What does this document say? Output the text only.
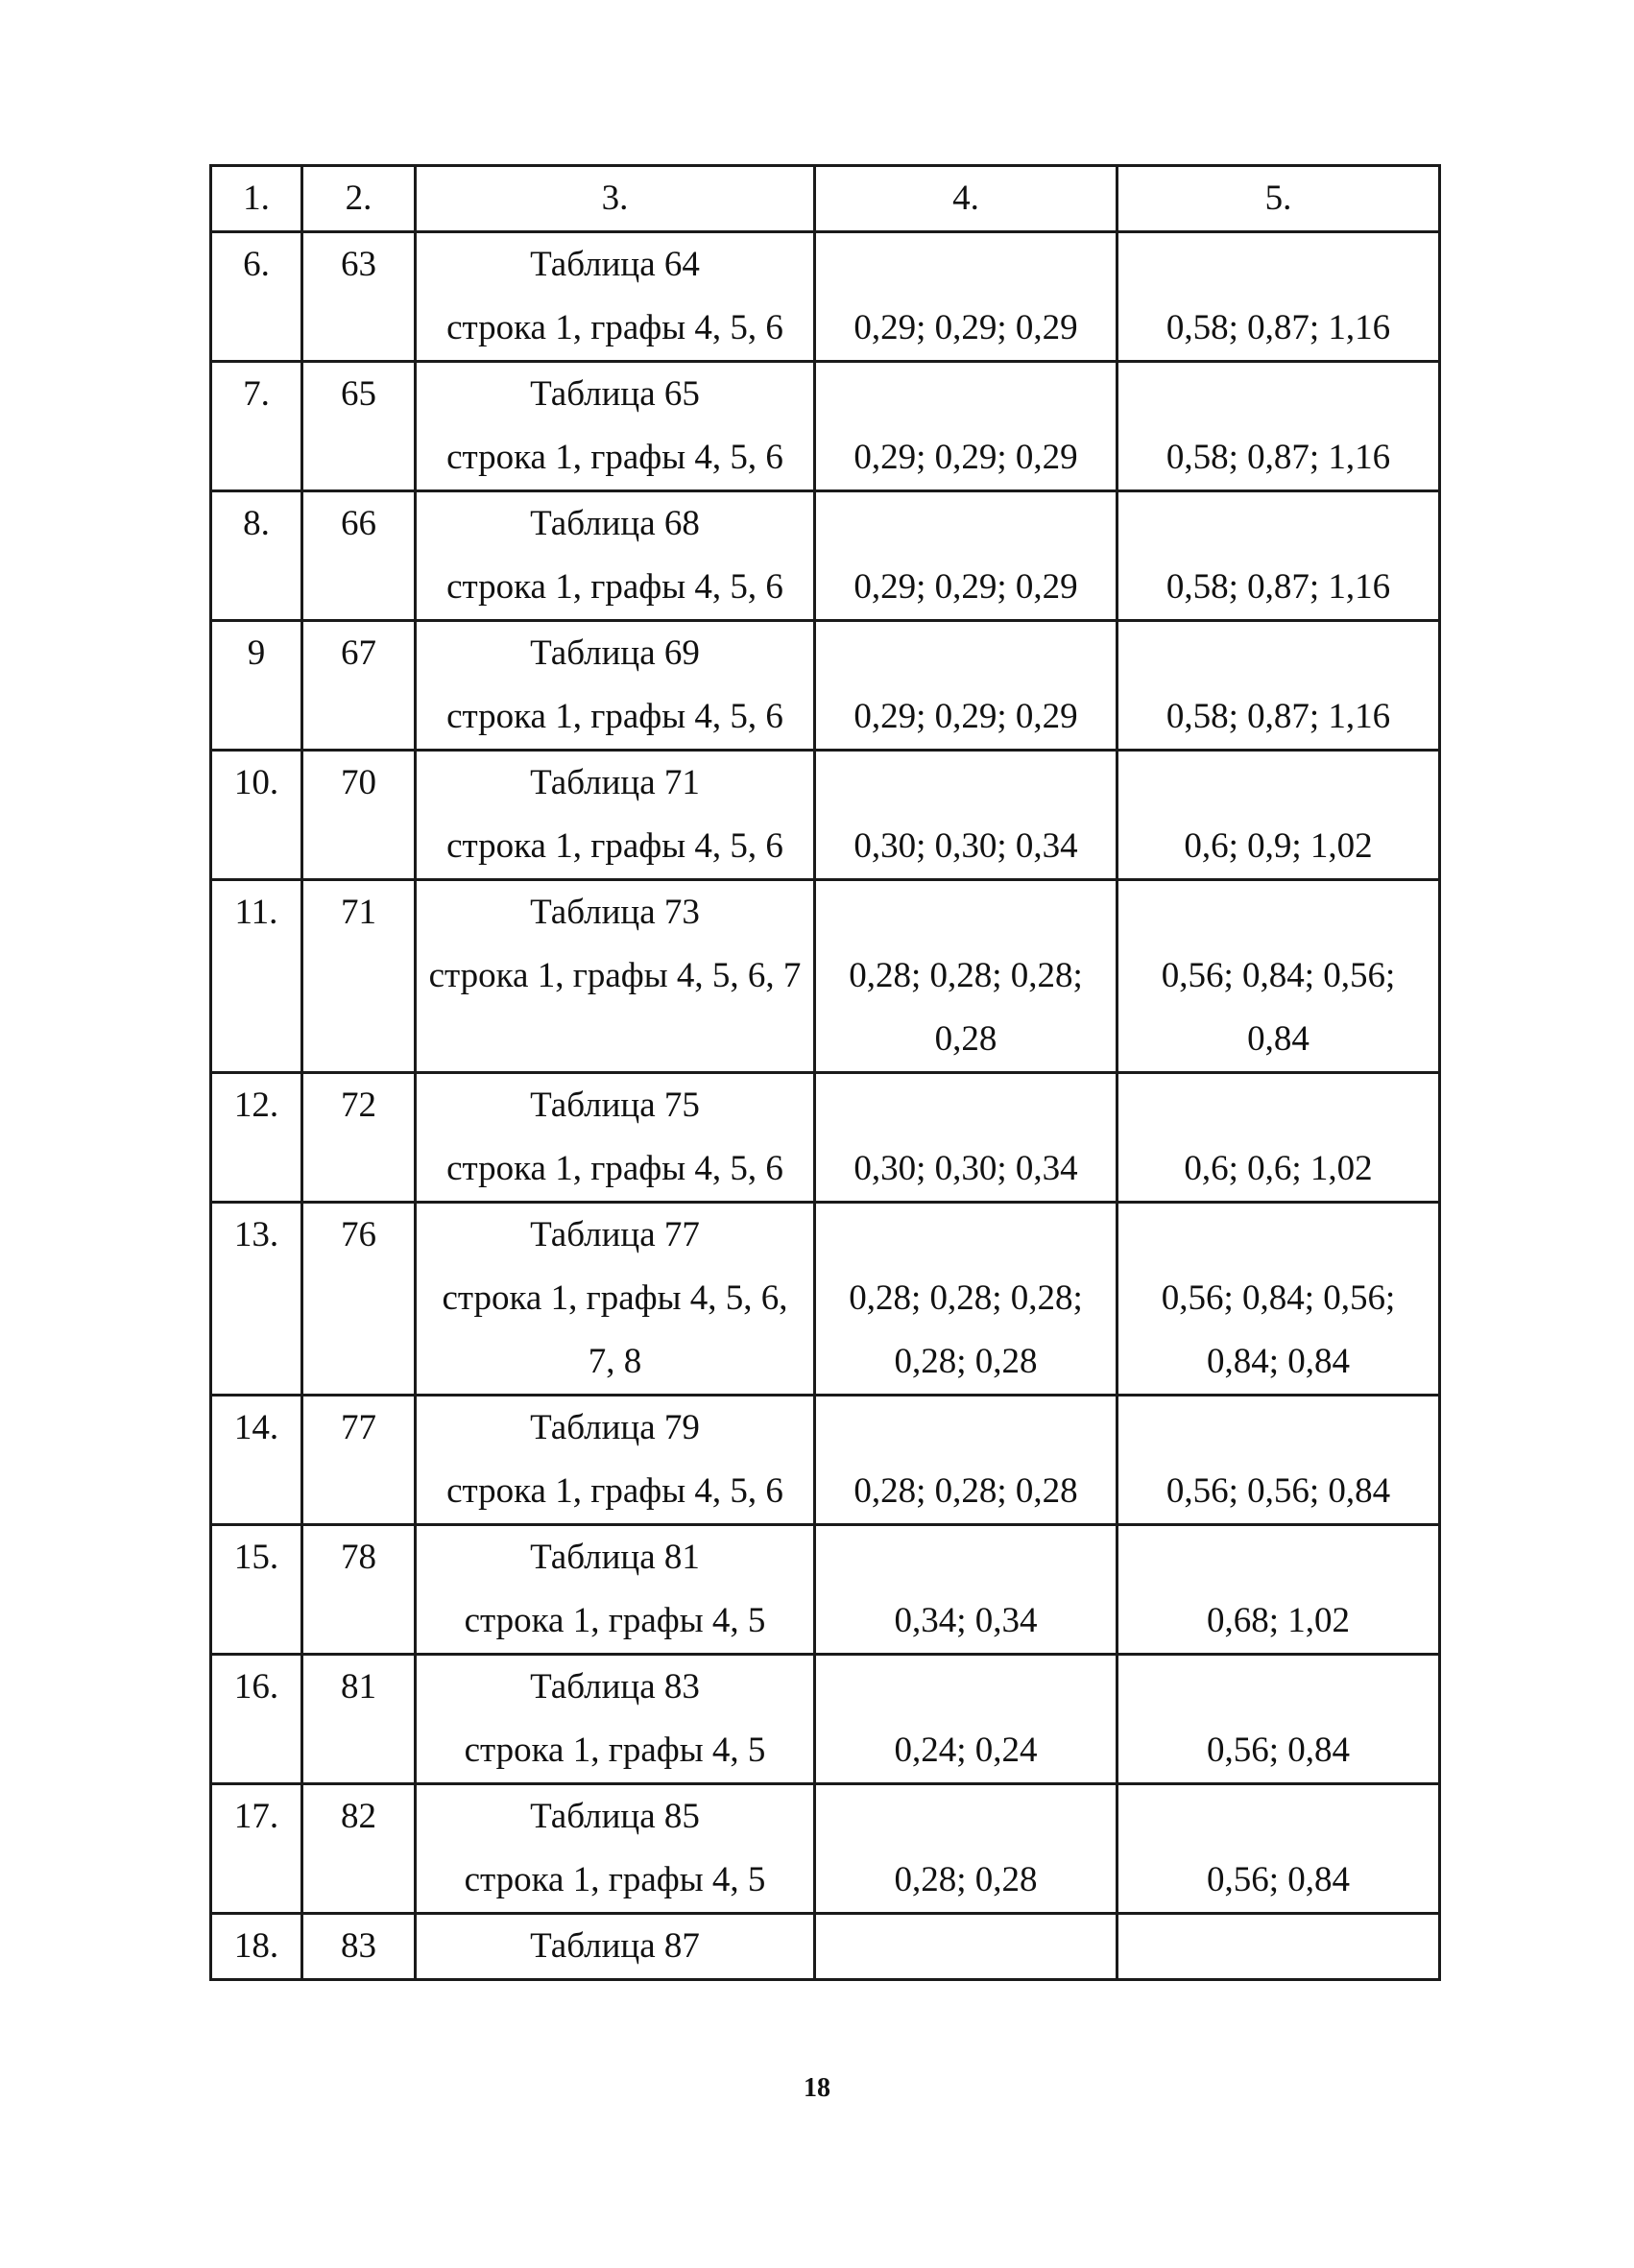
1.	2.	3.	4.	5.

6.	63	Таблица 64
строка 1, графы 4, 5, 6	0,29; 0,29; 0,29	0,58; 0,87; 1,16

7.	65	Таблица 65
строка 1, графы 4, 5, 6	0,29; 0,29; 0,29	0,58; 0,87; 1,16

8.	66	Таблица 68
строка 1, графы 4, 5, 6	0,29; 0,29; 0,29	0,58; 0,87; 1,16

9	67	Таблица 69
строка 1, графы 4, 5, 6	0,29; 0,29; 0,29	0,58; 0,87; 1,16

10.	70	Таблица 71
строка 1, графы 4, 5, 6	0,30; 0,30; 0,34	0,6; 0,9; 1,02

11.	71	Таблица 73
строка 1, графы 4, 5, 6, 7	0,28; 0,28; 0,28;
0,28	0,56; 0,84; 0,56;
0,84

12.	72	Таблица 75
строка 1, графы 4, 5, 6	0,30; 0,30; 0,34	0,6; 0,6; 1,02

13.	76	Таблица 77
строка 1, графы 4, 5, 6,
7, 8	0,28; 0,28; 0,28;
0,28; 0,28	0,56; 0,84; 0,56;
0,84; 0,84

14.	77	Таблица 79
строка 1, графы 4, 5, 6	0,28; 0,28; 0,28	0,56; 0,56; 0,84

15.	78	Таблица 81
строка 1, графы 4, 5	0,34; 0,34	0,68; 1,02

16.	81	Таблица 83
строка 1, графы 4, 5	0,24; 0,24	0,56; 0,84

17.	82	Таблица 85
строка 1, графы 4, 5	0,28; 0,28	0,56; 0,84

18.	83	Таблица 87		

18
